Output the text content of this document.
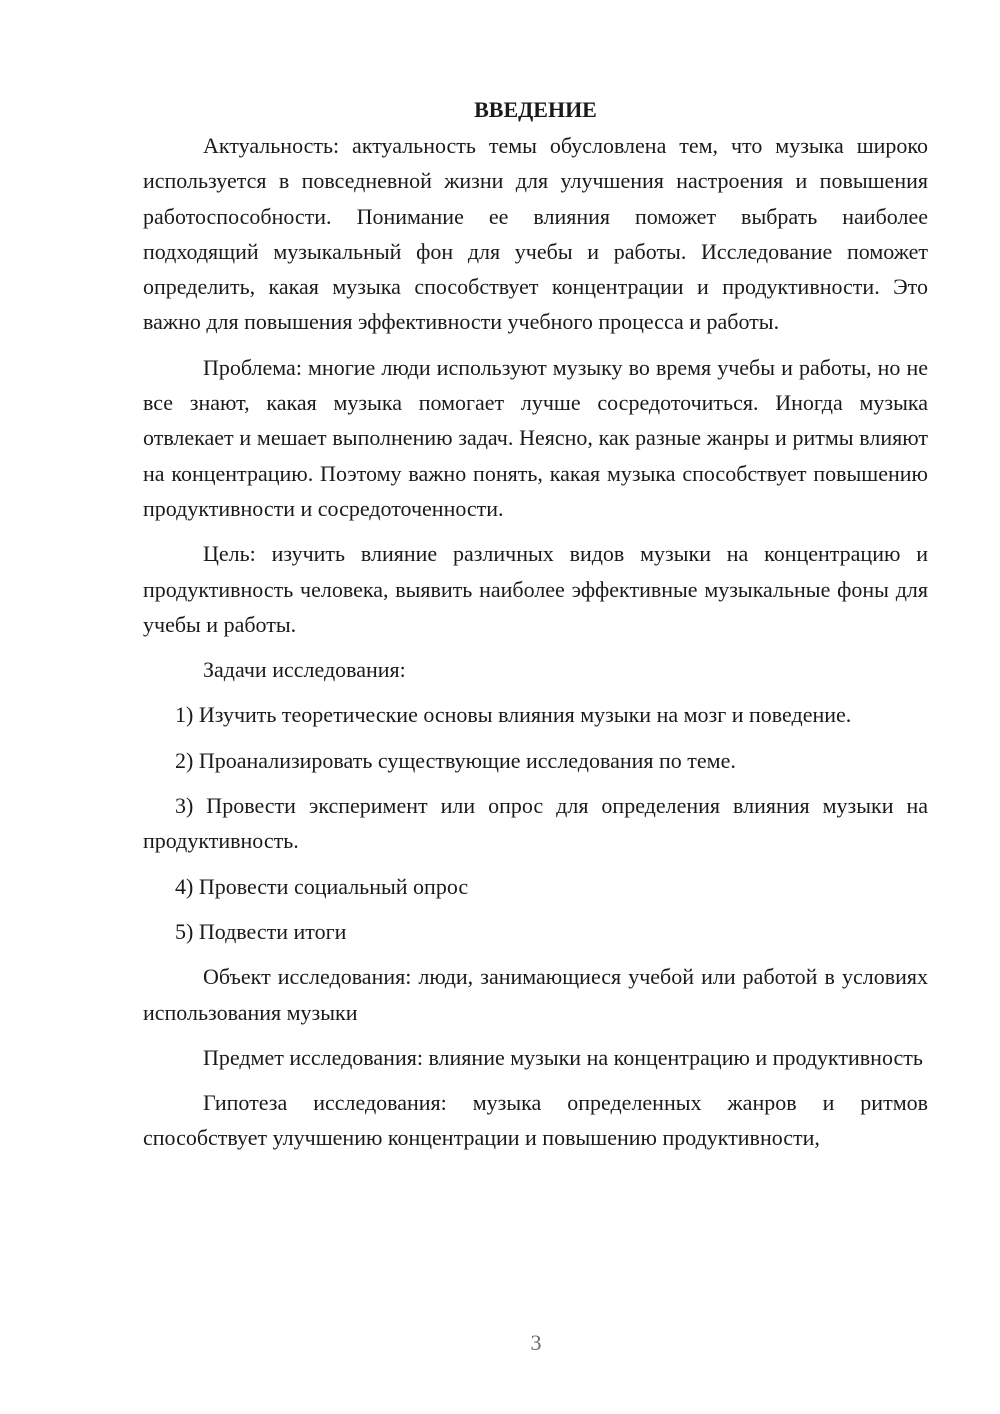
ВВЕДЕНИЕ

Актуальность: актуальность темы обусловлена тем, что музыка широко используется в повседневной жизни для улучшения настроения и повышения работоспособности. Понимание ее влияния поможет выбрать наиболее подходящий музыкальный фон для учебы и работы. Исследование поможет определить, какая музыка способствует концентрации и продуктивности. Это важно для повышения эффективности учебного процесса и работы.

Проблема: многие люди используют музыку во время учебы и работы, но не все знают, какая музыка помогает лучше сосредоточиться. Иногда музыка отвлекает и мешает выполнению задач. Неясно, как разные жанры и ритмы влияют на концентрацию. Поэтому важно понять, какая музыка способствует повышению продуктивности и сосредоточенности.

Цель: изучить влияние различных видов музыки на концентрацию и продуктивность человека, выявить наиболее эффективные музыкальные фоны для учебы и работы.

Задачи исследования:

1) Изучить теоретические основы влияния музыки на мозг и поведение.

2) Проанализировать существующие исследования по теме.

3) Провести эксперимент или опрос для определения влияния музыки на продуктивность.

4) Провести социальный опрос

5) Подвести итоги

Объект исследования: люди, занимающиеся учебой или работой в условиях использования музыки

Предмет исследования: влияние музыки на концентрацию и продуктивность

Гипотеза исследования: музыка определенных жанров и ритмов способствует улучшению концентрации и повышению продуктивности,

3
